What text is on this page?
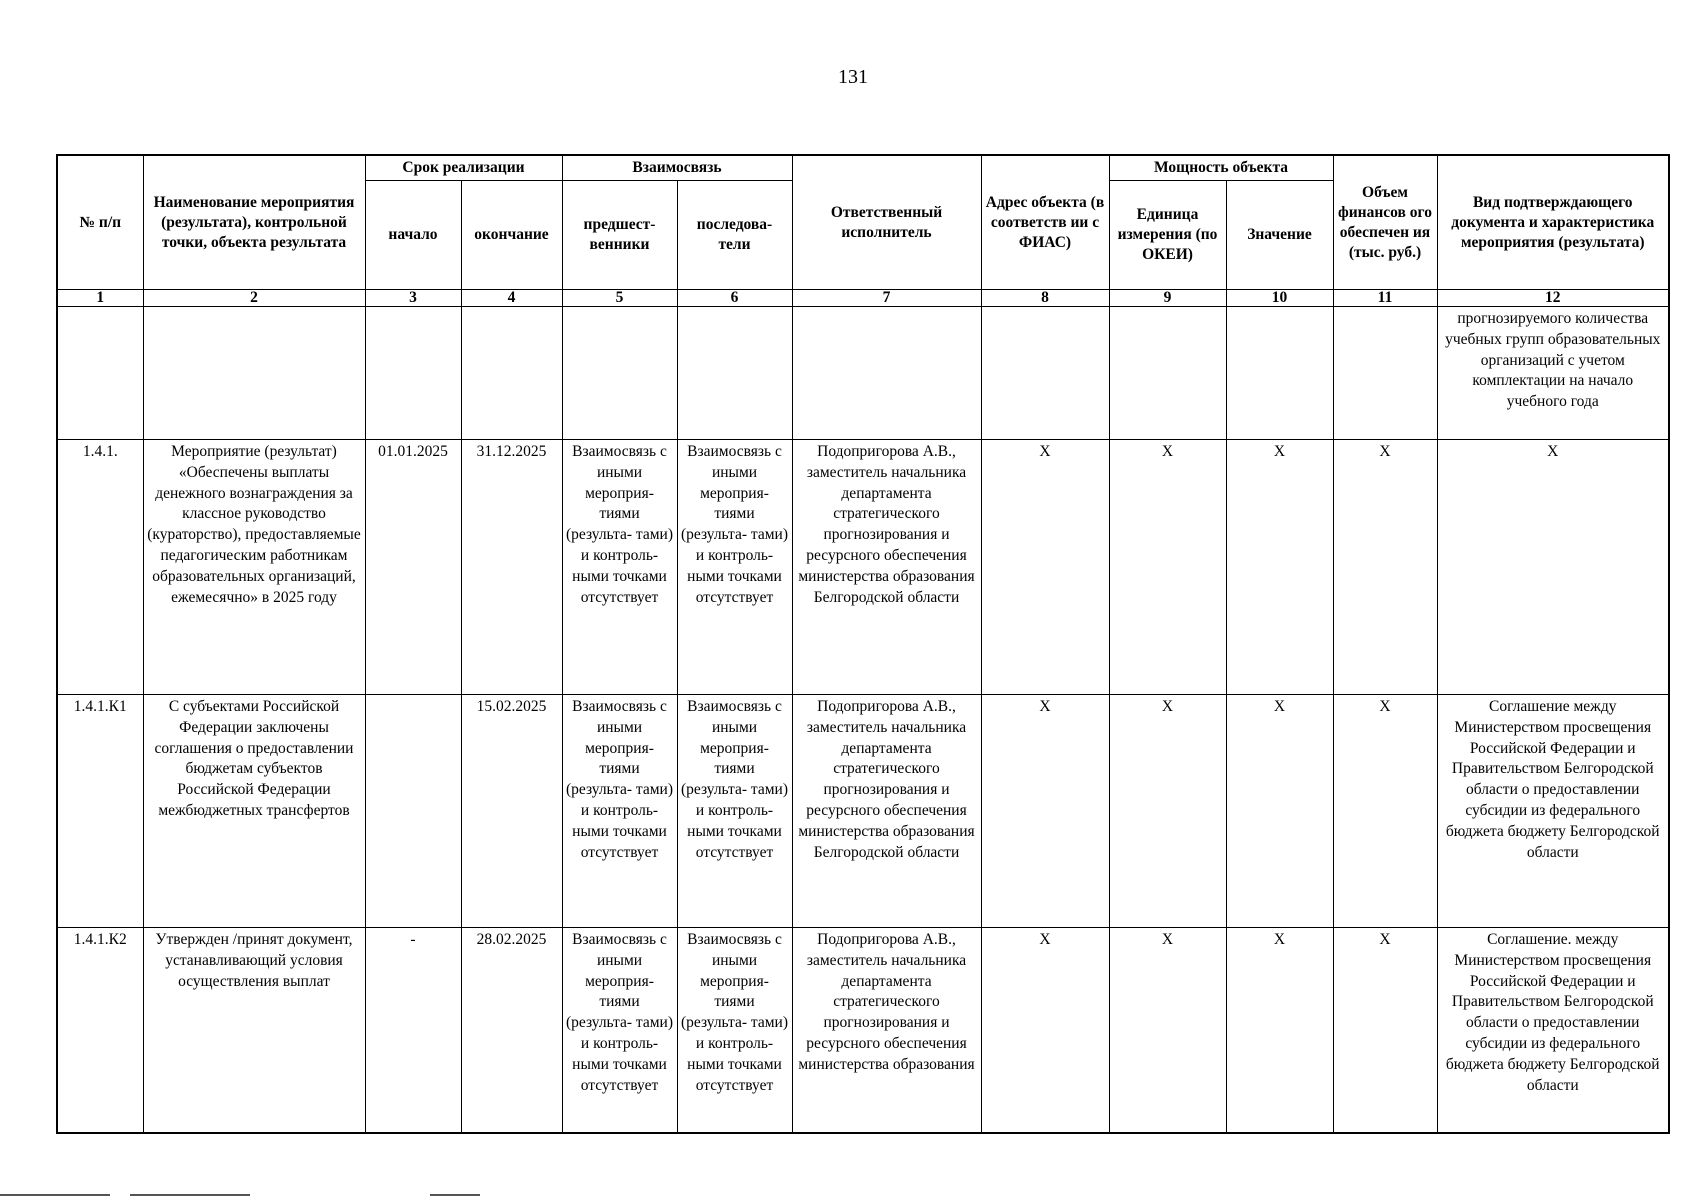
131
№ п/п	Наименование мероприятия (результата), контрольной точки, объекта результата	Срок реализации		Взаимосвязь		Ответственный исполнитель	Адрес объекта (в соответств ии с ФИАС)	Мощность объекта		Объем финансов ого обеспечен ия (тыс. руб.)	Вид подтверждающего документа и характеристика мероприятия (результата)
		начало	окончание	предшест- венники	последова- тели			Единица измерения (по ОКЕИ)	Значение		
1	2	3	4	5	6	7	8	9	10	11	12
											прогнозируемого количества учебных групп образовательных организаций с учетом комплектации на начало учебного года
1.4.1.	Мероприятие (результат) «Обеспечены выплаты денежного вознаграждения за классное руководство (кураторство), предоставляемые педагогическим работникам образовательных организаций, ежемесячно» в 2025 году	01.01.2025	31.12.2025	Взаимосвязь с иными мероприя- тиями (результа- тами) и контроль- ными точками отсутствует	Взаимосвязь с иными мероприя- тиями (результа- тами) и контроль- ными точками отсутствует	Подопригорова А.В., заместитель начальника департамента стратегического прогнозирования и ресурсного обеспечения министерства образования Белгородской области	X	X	X	X	X
1.4.1.К1	С субъектами Российской Федерации заключены соглашения о предоставлении бюджетам субъектов Российской Федерации межбюджетных трансфертов		15.02.2025	Взаимосвязь с иными мероприя- тиями (результа- тами) и контроль- ными точками отсутствует	Взаимосвязь с иными мероприя- тиями (результа- тами) и контроль- ными точками отсутствует	Подопригорова А.В., заместитель начальника департамента стратегического прогнозирования и ресурсного обеспечения министерства образования Белгородской области	X	X	X	X	Соглашение между Министерством просвещения Российской Федерации и Правительством Белгородской области о предоставлении субсидии из федерального бюджета бюджету Белгородской области
1.4.1.К2	Утвержден /принят документ, устанавливающий условия осуществления выплат	-	28.02.2025	Взаимосвязь с иными мероприя- тиями (результа- тами) и контроль- ными точками отсутствует	Взаимосвязь с иными мероприя- тиями (результа- тами) и контроль- ными точками отсутствует	Подопригорова А.В., заместитель начальника департамента стратегического прогнозирования и ресурсного обеспечения министерства образования	X	X	X	X	Соглашение. между Министерством просвещения Российской Федерации и Правительством Белгородской области о предоставлении субсидии из федерального бюджета бюджету Белгородской области
